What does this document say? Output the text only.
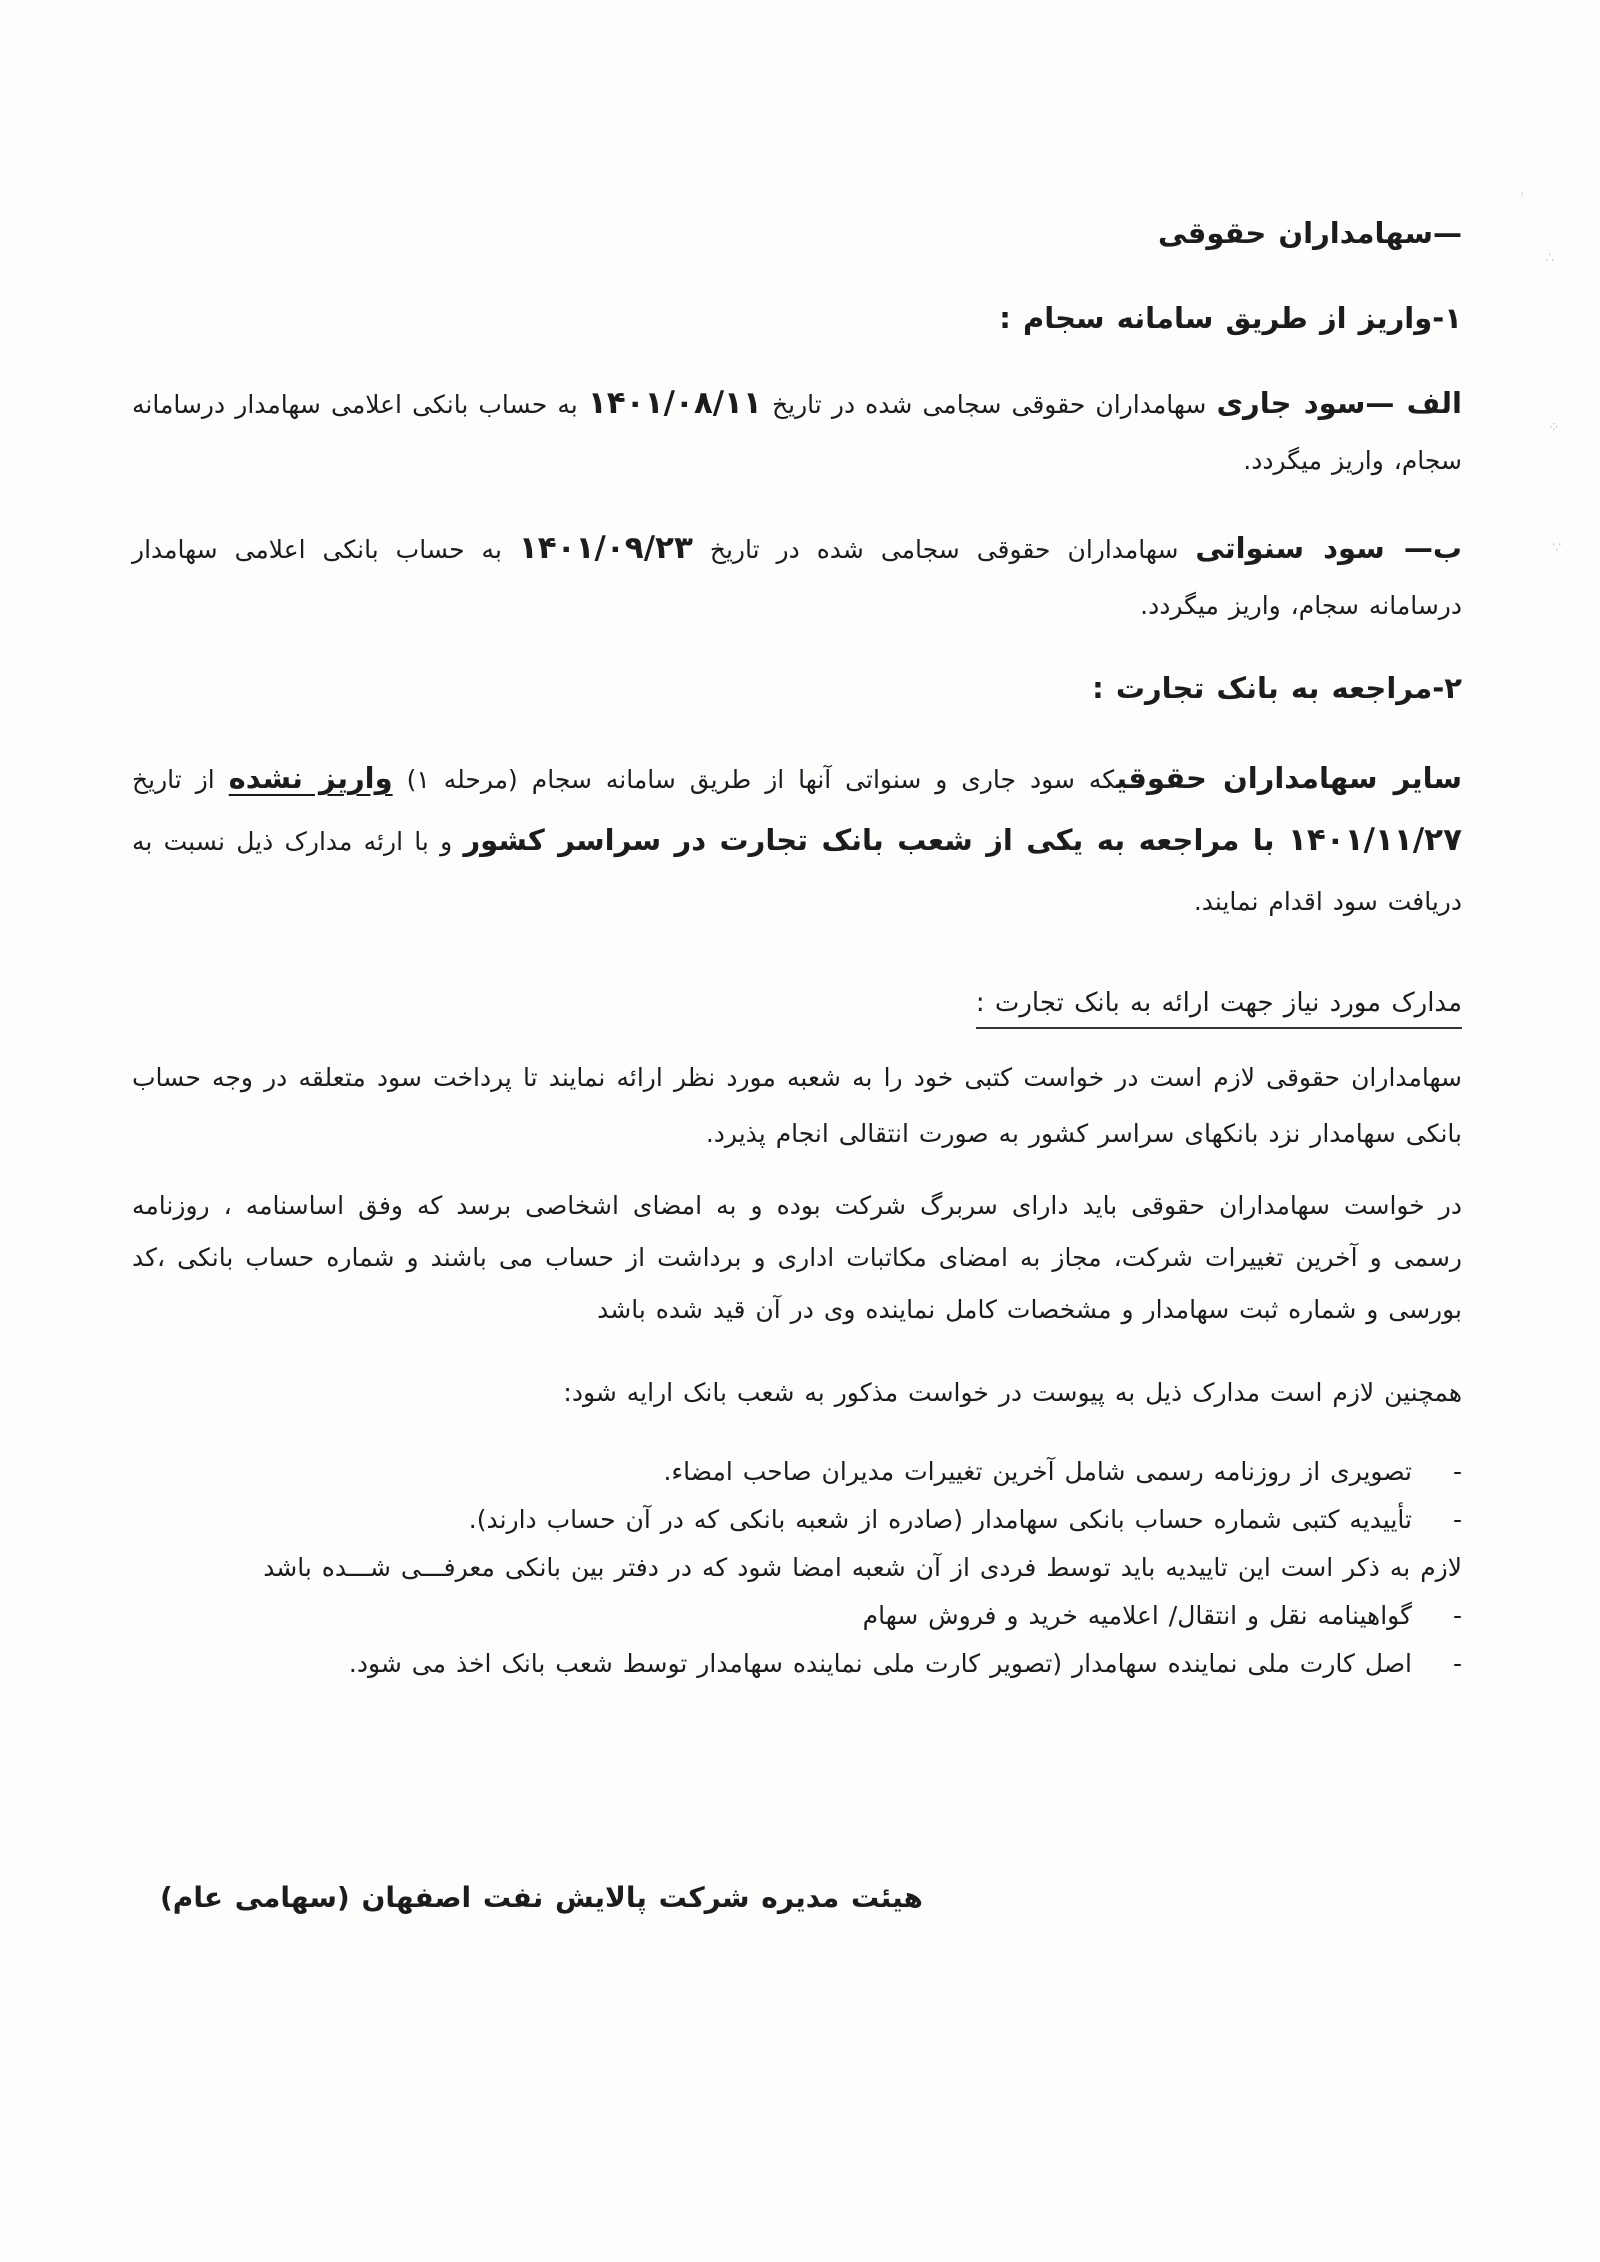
ꜝ
∴
⁘
∵
—سهامداران حقوقی
۱-واریز از طریق سامانه سجام :
الف —سود جاری سهامداران حقوقی سجامی شده در تاریخ ۱۴۰۱/۰۸/۱۱ به حساب بانکی اعلامی سهامدار درسامانه سجام، واریز میگردد.
ب— سود سنواتی سهامداران حقوقی سجامی شده در تاریخ ۱۴۰۱/۰۹/۲۳ به حساب بانکی اعلامی سهامدار درسامانه سجام، واریز میگردد.
۲-مراجعه به بانک تجارت :
سایر سهامداران حقوقیکه سود جاری و سنواتی آنها از طریق سامانه سجام (مرحله ۱) واریز نشده از تاریخ ۱۴۰۱/۱۱/۲۷ با مراجعه به یکی از شعب بانک تجارت در سراسر کشور و با ارئه مدارک ذیل نسبت به دریافت سود اقدام نمایند.
مدارک مورد نیاز جهت ارائه به بانک تجارت :
سهامداران حقوقی لازم است در خواست کتبی خود را به شعبه مورد نظر ارائه نمایند تا پرداخت سود متعلقه در وجه حساب بانکی سهامدار نزد بانکهای سراسر کشور به صورت انتقالی انجام پذیرد.
در خواست سهامداران حقوقی باید دارای سربرگ شرکت بوده و به امضای اشخاصی برسد که وفق اساسنامه ، روزنامه رسمی و آخرین تغییرات شرکت، مجاز به امضای مکاتبات اداری و برداشت از حساب می باشند و شماره حساب بانکی ،کد بورسی و شماره ثبت سهامدار و مشخصات کامل نماینده وی در آن قید شده باشد
همچنین لازم است مدارک ذیل به پیوست در خواست مذکور به شعب بانک ارایه شود:
-
تصویری از روزنامه رسمی شامل آخرین تغییرات مدیران صاحب امضاء.
-
تأییدیه کتبی شماره حساب بانکی سهامدار (صادره از شعبه بانکی که در آن حساب دارند).
لازم به ذکر است این تاییدیه باید توسط فردی از آن شعبه امضا شود که در دفتر بین بانکی معرفـــی شـــده باشد
-
گواهینامه نقل و انتقال/ اعلامیه خرید و فروش سهام
-
اصل کارت ملی نماینده سهامدار (تصویر کارت ملی نماینده سهامدار توسط شعب بانک اخذ می شود.
هیئت مدیره شرکت پالایش نفت اصفهان (سهامی عام)
